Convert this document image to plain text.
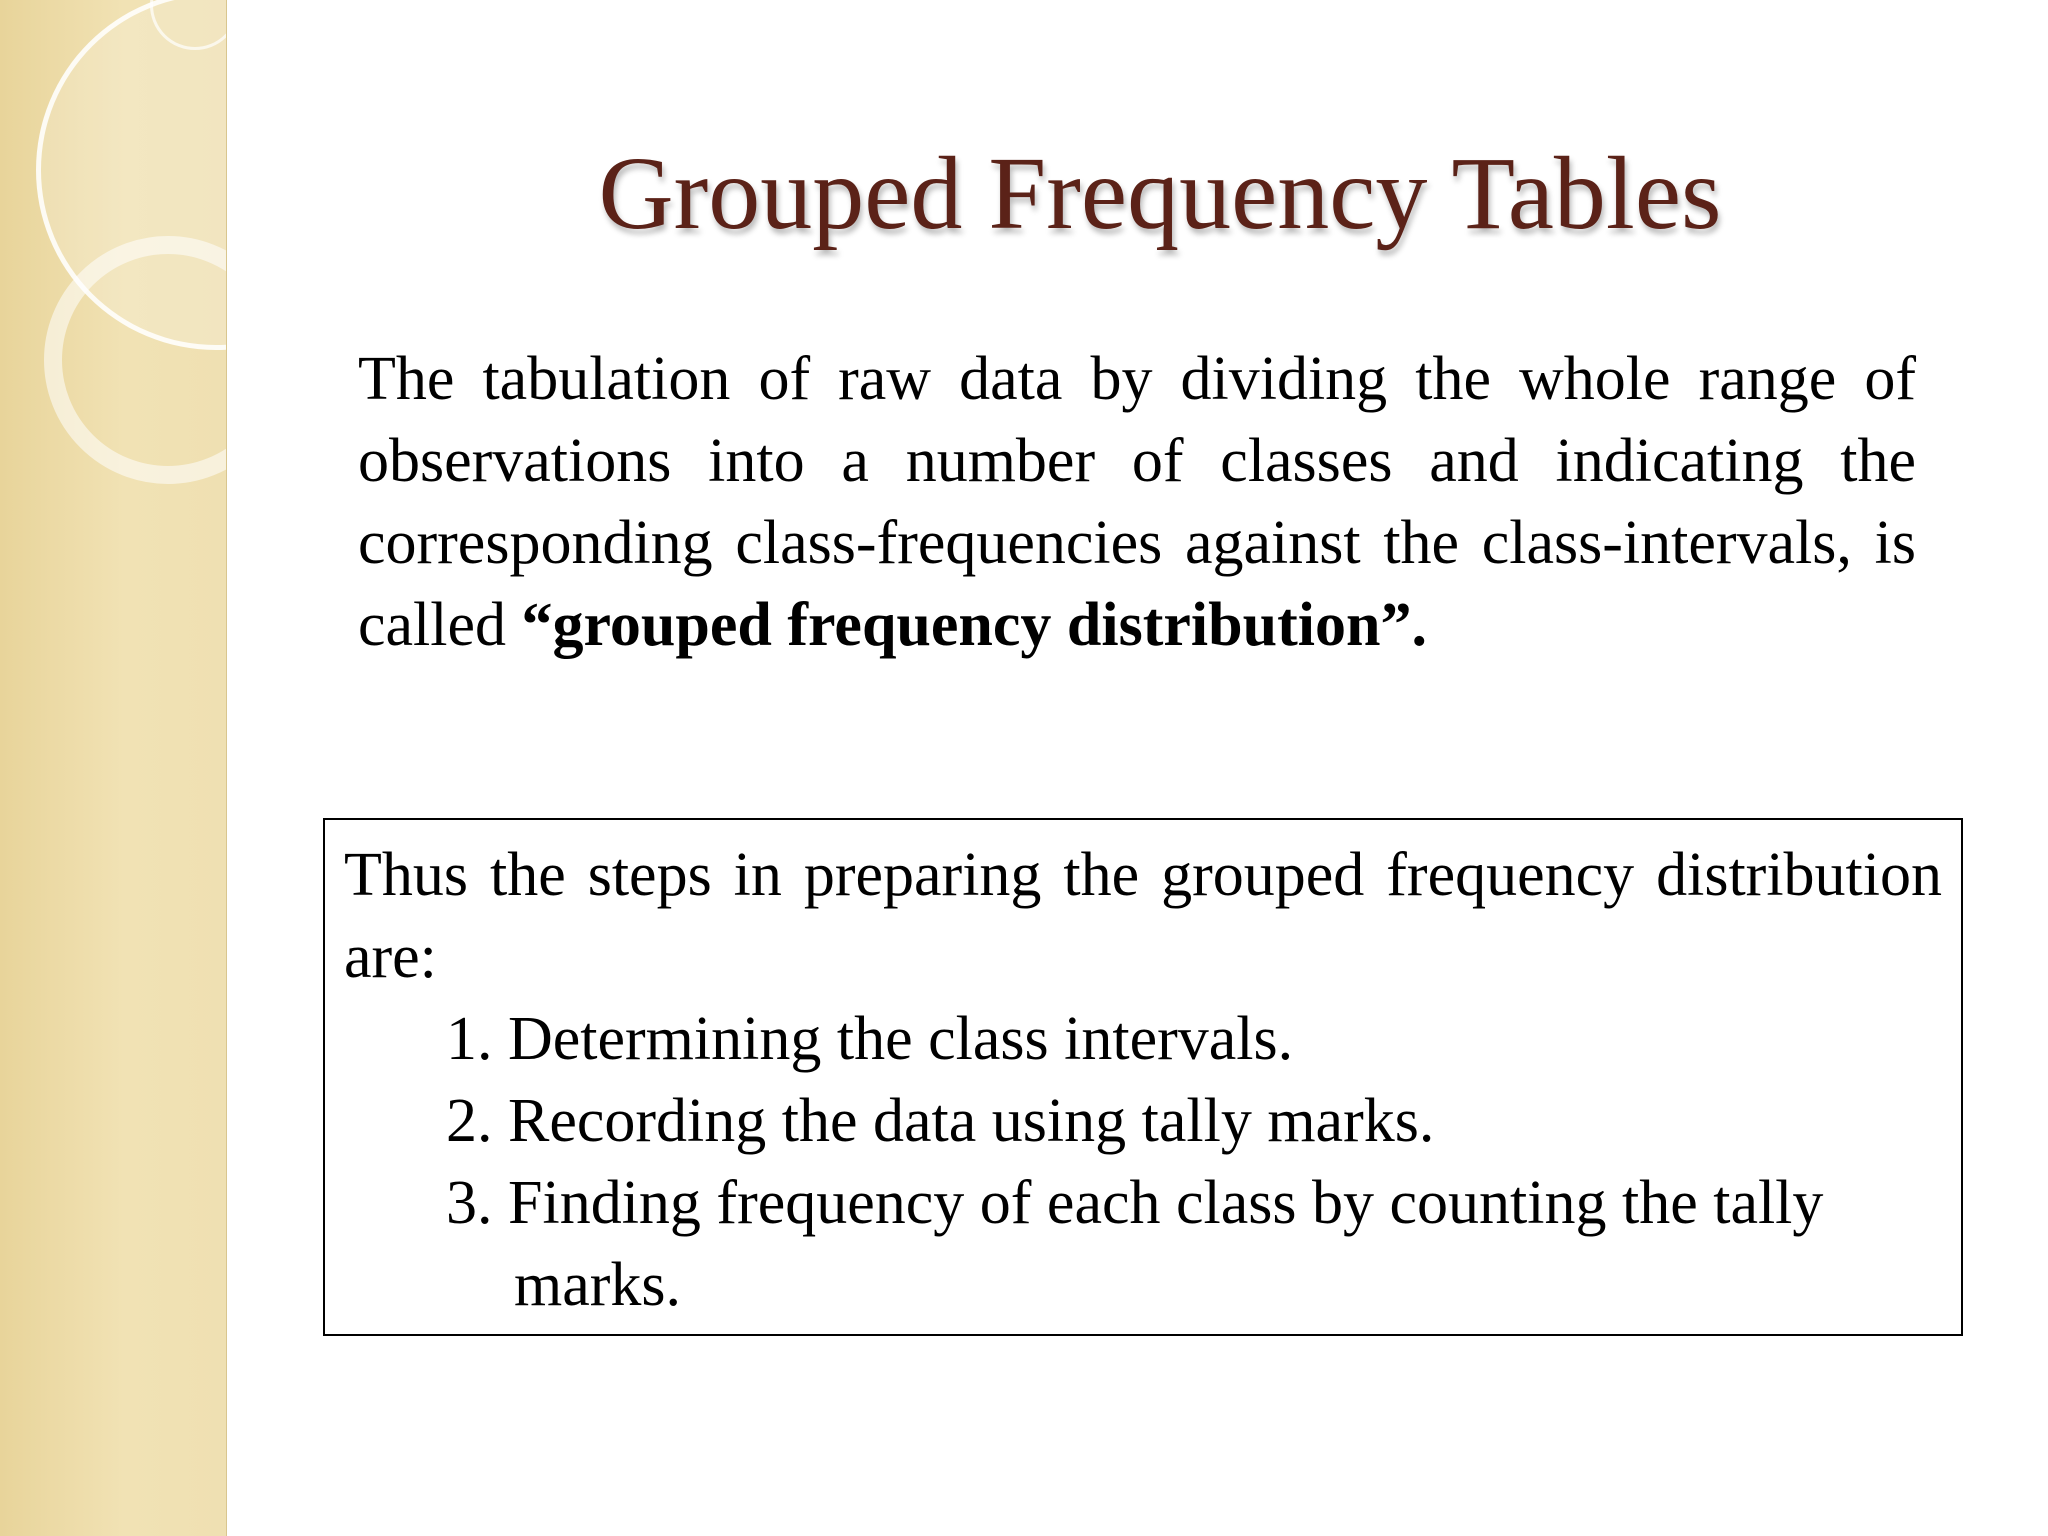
Grouped Frequency Tables

The tabulation of raw data by dividing the whole range of observations into a number of classes and indicating the corresponding class-frequencies against the class-intervals, is called “grouped frequency distribution”.

Thus the steps in preparing the grouped frequency distribution are:

1. Determining the class intervals.
2. Recording the data using tally marks.
3. Finding frequency of each class by counting the tally
marks.
